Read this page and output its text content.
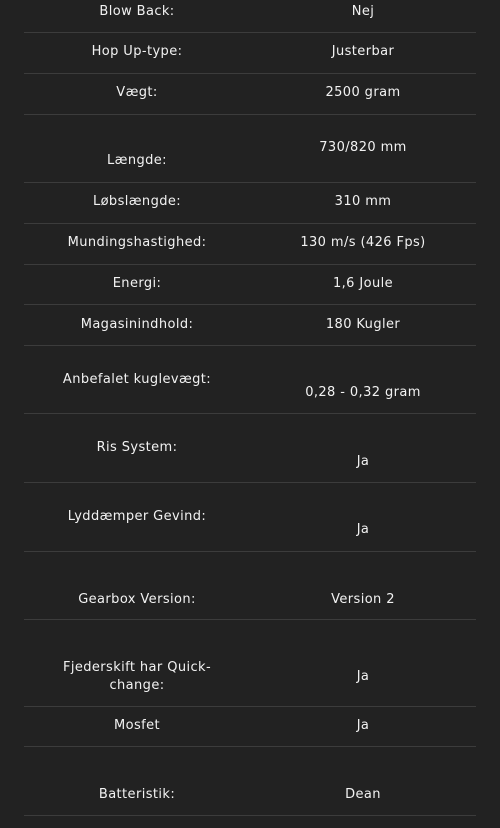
Blow Back:	Nej
Hop Up-type:	Justerbar
Vægt:	2500 gram
Længde:
730/820 mm
Løbslængde:	310 mm
Mundingshastighed:	130 m/s (426 Fps)
Energi:	1,6 Joule
Magasinindhold:	180 Kugler
Anbefalet kuglevægt:
0,28 - 0,32 gram
Ris System:
Ja
Lyddæmper Gevind:
Ja
Gearbox Version:	Version 2
Fjederskift har Quick-change:
Ja
Mosfet	Ja
Batteristik:	Dean
